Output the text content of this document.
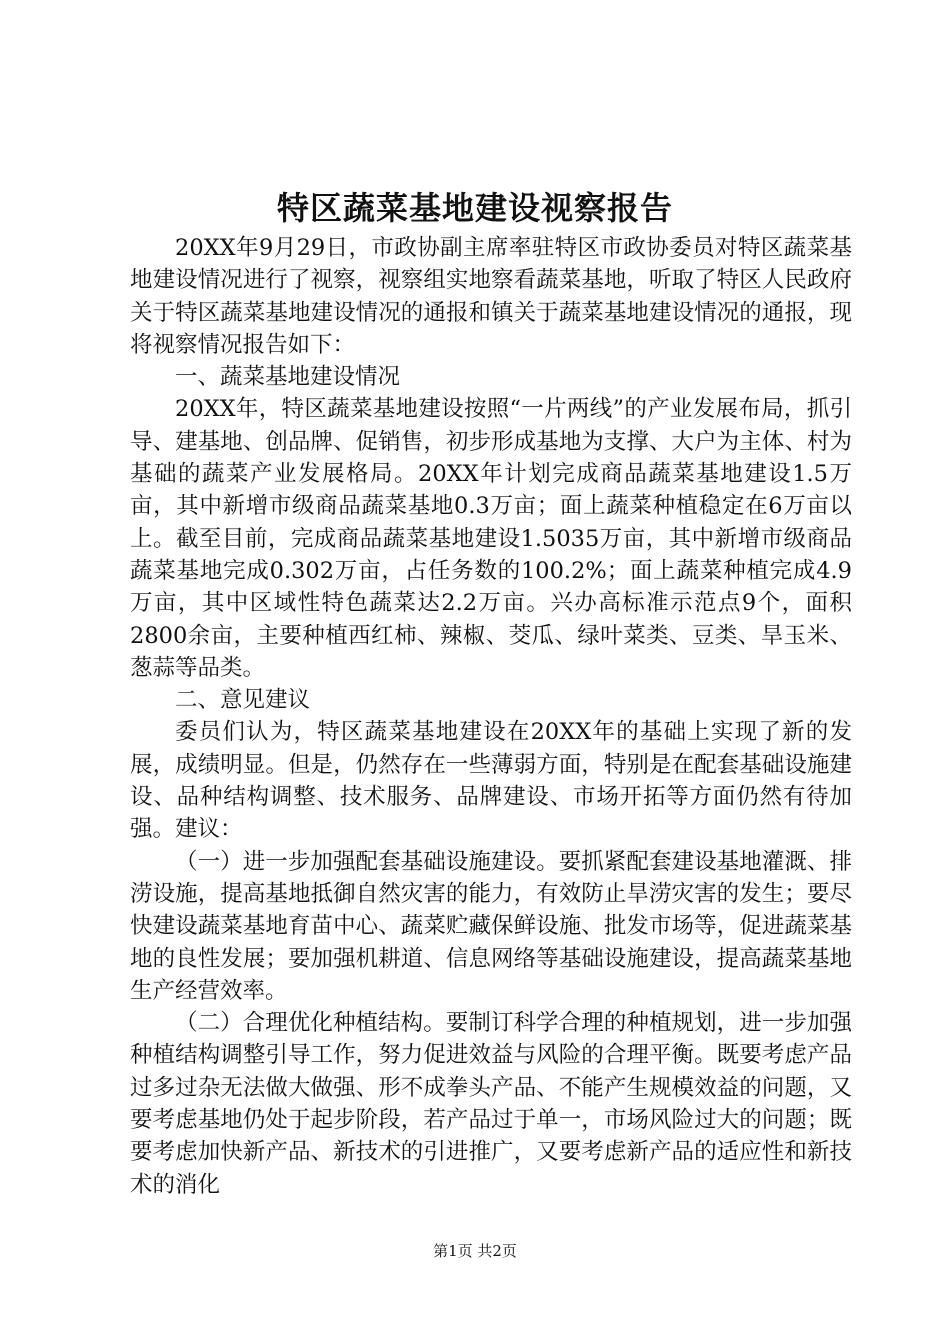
特区蔬菜基地建设视察报告

20XX年9月29日，市政协副主席率驻特区市政协委员对特区蔬菜基地建设情况进行了视察，视察组实地察看蔬菜基地，听取了特区人民政府关于特区蔬菜基地建设情况的通报和镇关于蔬菜基地建设情况的通报，现将视察情况报告如下：

一、蔬菜基地建设情况

20XX年，特区蔬菜基地建设按照“一片两线”的产业发展布局，抓引导、建基地、创品牌、促销售，初步形成基地为支撑、大户为主体、村为基础的蔬菜产业发展格局。20XX年计划完成商品蔬菜基地建设1.5万亩，其中新增市级商品蔬菜基地0.3万亩；面上蔬菜种植稳定在6万亩以上。截至目前，完成商品蔬菜基地建设1.5035万亩，其中新增市级商品蔬菜基地完成0.302万亩，占任务数的100.2%；面上蔬菜种植完成4.9万亩，其中区域性特色蔬菜达2.2万亩。兴办高标准示范点9个，面积2800余亩，主要种植西红柿、辣椒、茭瓜、绿叶菜类、豆类、旱玉米、葱蒜等品类。

二、意见建议

委员们认为，特区蔬菜基地建设在20XX年的基础上实现了新的发展，成绩明显。但是，仍然存在一些薄弱方面，特别是在配套基础设施建设、品种结构调整、技术服务、品牌建设、市场开拓等方面仍然有待加强。建议：

（一）进一步加强配套基础设施建设。要抓紧配套建设基地灌溉、排涝设施，提高基地抵御自然灾害的能力，有效防止旱涝灾害的发生；要尽快建设蔬菜基地育苗中心、蔬菜贮藏保鲜设施、批发市场等，促进蔬菜基地的良性发展；要加强机耕道、信息网络等基础设施建设，提高蔬菜基地生产经营效率。

（二）合理优化种植结构。要制订科学合理的种植规划，进一步加强种植结构调整引导工作，努力促进效益与风险的合理平衡。既要考虑产品过多过杂无法做大做强、形不成拳头产品、不能产生规模效益的问题，又要考虑基地仍处于起步阶段，若产品过于单一，市场风险过大的问题；既要考虑加快新产品、新技术的引进推广，又要考虑新产品的适应性和新技术的消化

第1页 共2页
